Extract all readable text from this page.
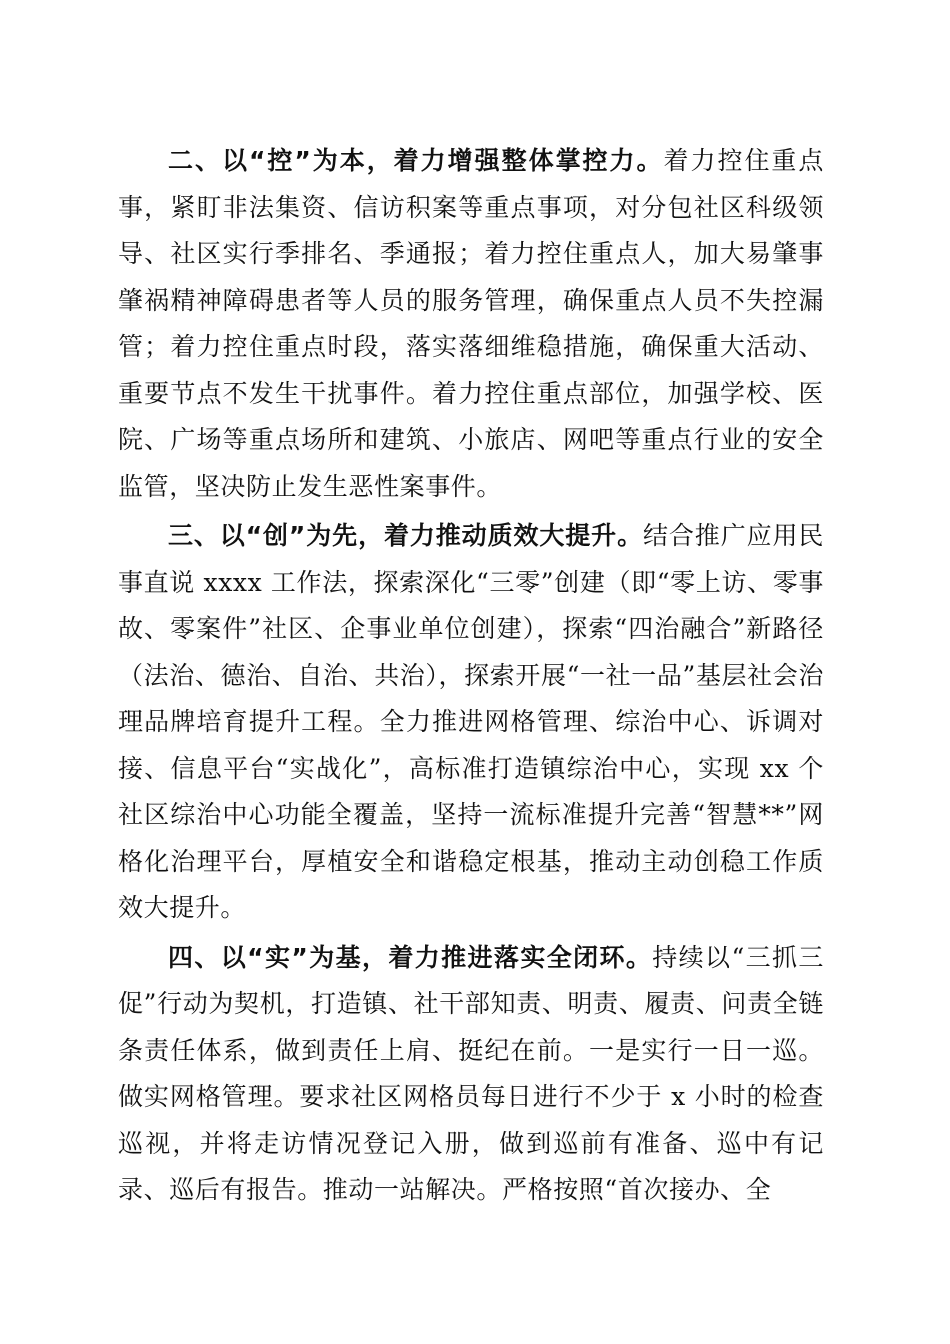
二、以“控”为本，着力增强整体掌控力。着力控住重点事，紧盯非法集资、信访积案等重点事项，对分包社区科级领导、社区实行季排名、季通报；着力控住重点人，加大易肇事肇祸精神障碍患者等人员的服务管理，确保重点人员不失控漏管；着力控住重点时段，落实落细维稳措施，确保重大活动、重要节点不发生干扰事件。着力控住重点部位，加强学校、医院、广场等重点场所和建筑、小旅店、网吧等重点行业的安全监管，坚决防止发生恶性案事件。

三、以“创”为先，着力推动质效大提升。结合推广应用民事直说 xxxx 工作法，探索深化“三零”创建（即“零上访、零事故、零案件”社区、企事业单位创建），探索“四治融合”新路径（法治、德治、自治、共治），探索开展“一社一品”基层社会治理品牌培育提升工程。全力推进网格管理、综治中心、诉调对接、信息平台“实战化”，高标准打造镇综治中心，实现 xx 个社区综治中心功能全覆盖，坚持一流标准提升完善“智慧**”网格化治理平台，厚植安全和谐稳定根基，推动主动创稳工作质效大提升。

四、以“实”为基，着力推进落实全闭环。持续以“三抓三促”行动为契机，打造镇、社干部知责、明责、履责、问责全链条责任体系，做到责任上肩、挺纪在前。一是实行一日一巡。做实网格管理。要求社区网格员每日进行不少于 x 小时的检查巡视，并将走访情况登记入册，做到巡前有准备、巡中有记录、巡后有报告。推动一站解决。严格按照“首次接办、全
